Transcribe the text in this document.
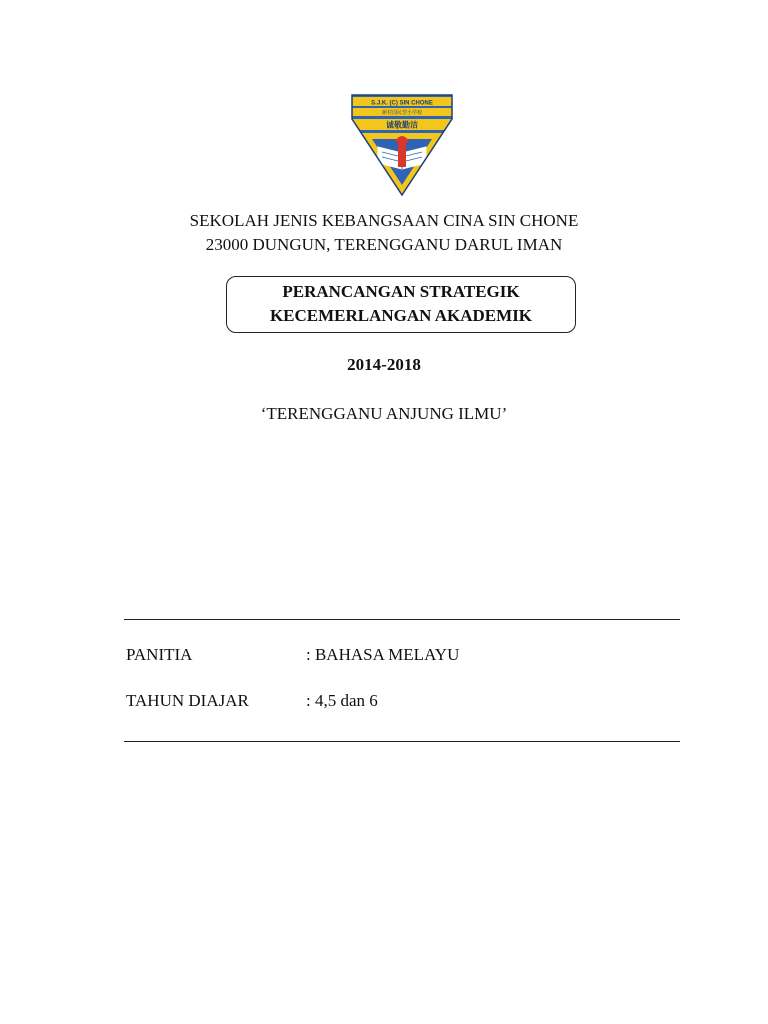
S.J.K. (C) SIN CHONE
新村国民型小学校
诚敬勤洁
SEKOLAH JENIS KEBANGSAAN CINA SIN CHONE
23000 DUNGUN, TERENGGANU DARUL IMAN
PERANCANGAN STRATEGIK
KECEMERLANGAN AKADEMIK
2014-2018
‘TERENGGANU ANJUNG ILMU’
PANITIA	: BAHASA MELAYU
TAHUN DIAJAR	: 4,5 dan 6
